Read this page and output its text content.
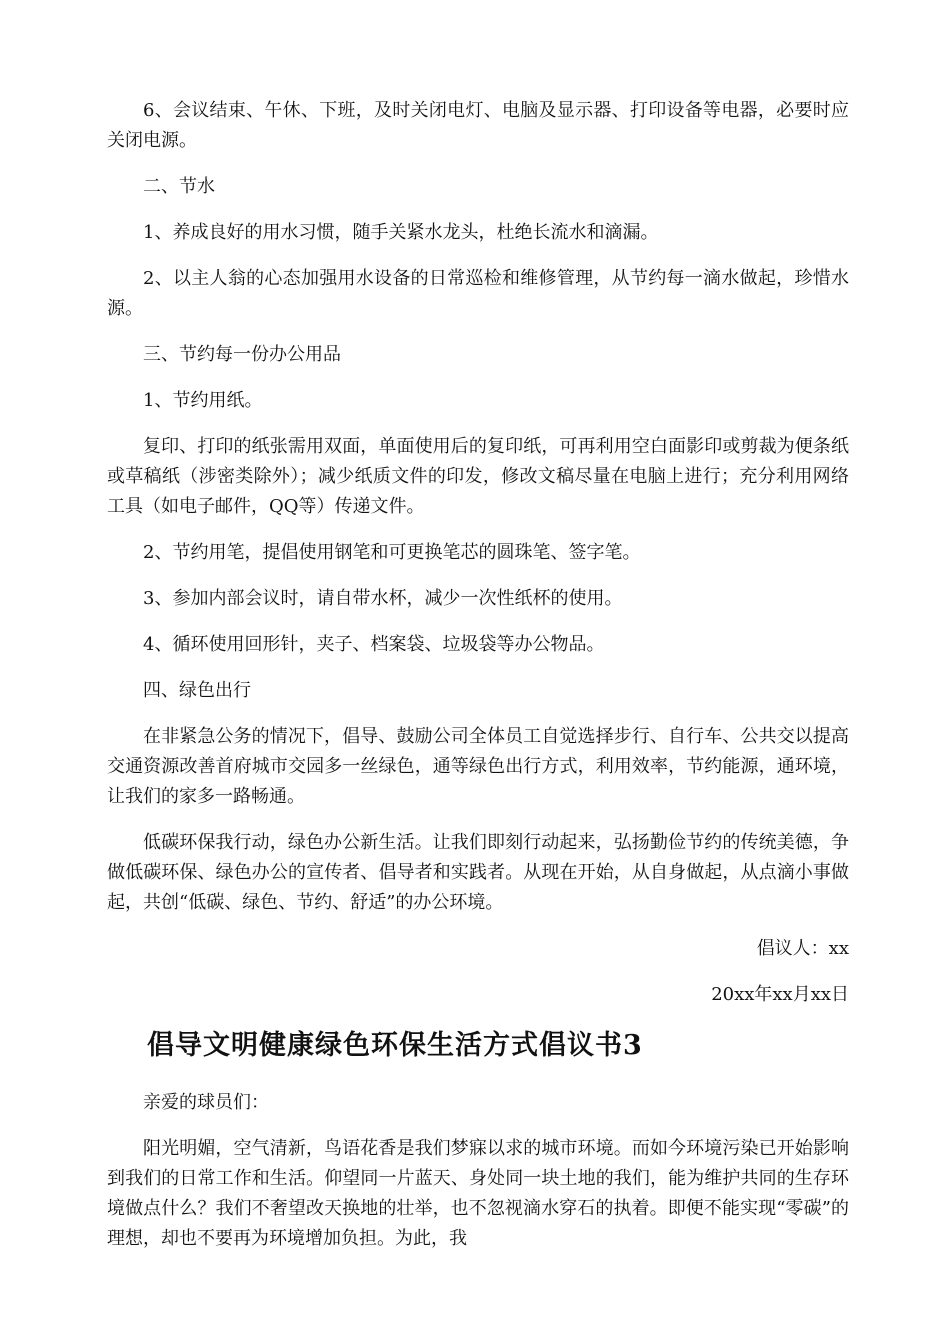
6、会议结束、午休、下班，及时关闭电灯、电脑及显示器、打印设备等电器，必要时应关闭电源。

二、节水

1、养成良好的用水习惯，随手关紧水龙头，杜绝长流水和滴漏。

2、以主人翁的心态加强用水设备的日常巡检和维修管理，从节约每一滴水做起，珍惜水源。

三、节约每一份办公用品

1、节约用纸。

复印、打印的纸张需用双面，单面使用后的复印纸，可再利用空白面影印或剪裁为便条纸或草稿纸（涉密类除外）；减少纸质文件的印发，修改文稿尽量在电脑上进行；充分利用网络工具（如电子邮件，QQ等）传递文件。

2、节约用笔，提倡使用钢笔和可更换笔芯的圆珠笔、签字笔。

3、参加内部会议时，请自带水杯，减少一次性纸杯的使用。

4、循环使用回形针，夹子、档案袋、垃圾袋等办公物品。

四、绿色出行

在非紧急公务的情况下，倡导、鼓励公司全体员工自觉选择步行、自行车、公共交以提高交通资源改善首府城市交园多一丝绿色，通等绿色出行方式，利用效率，节约能源，通环境，让我们的家多一路畅通。

低碳环保我行动，绿色办公新生活。让我们即刻行动起来，弘扬勤俭节约的传统美德，争做低碳环保、绿色办公的宣传者、倡导者和实践者。从现在开始，从自身做起，从点滴小事做起，共创“低碳、绿色、节约、舒适”的办公环境。

倡议人：xx

20xx年xx月xx日

倡导文明健康绿色环保生活方式倡议书3

亲爱的球员们：

阳光明媚，空气清新，鸟语花香是我们梦寐以求的城市环境。而如今环境污染已开始影响到我们的日常工作和生活。仰望同一片蓝天、身处同一块土地的我们，能为维护共同的生存环境做点什么？我们不奢望改天换地的壮举，也不忽视滴水穿石的执着。即便不能实现“零碳”的理想，却也不要再为环境增加负担。为此，我
